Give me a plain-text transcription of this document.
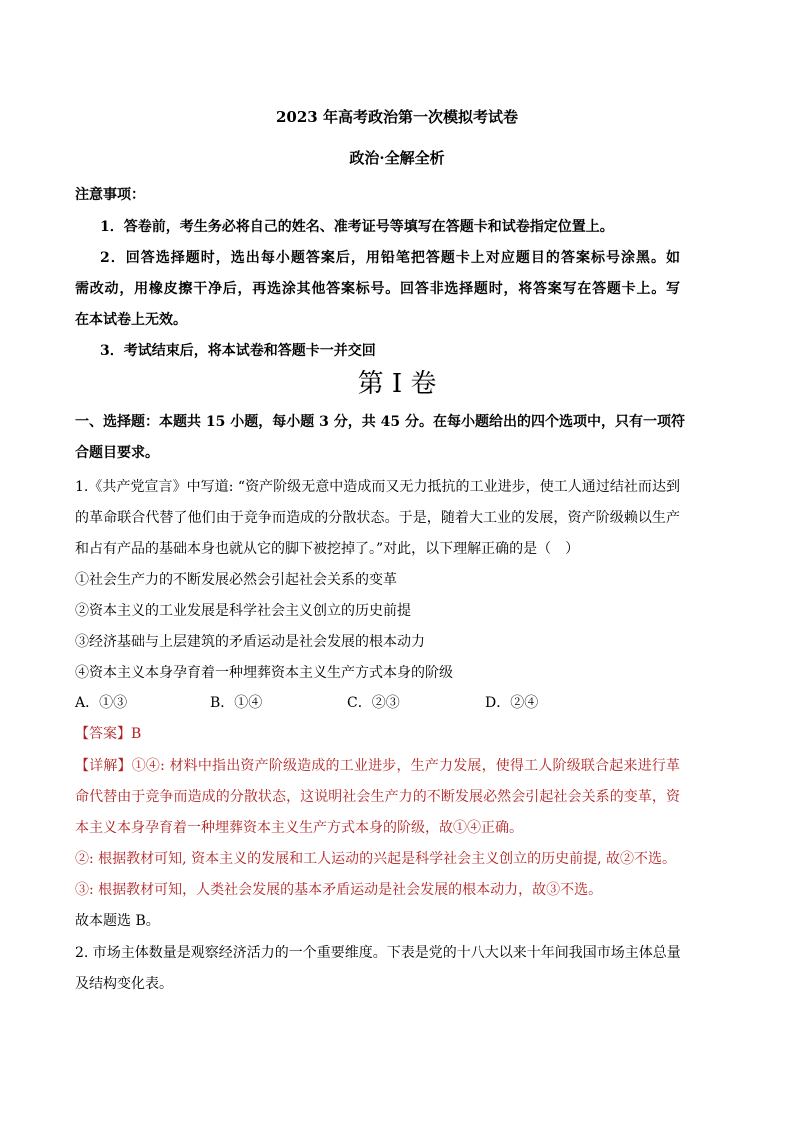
2023 年高考政治第一次模拟考试卷
政治·全解全析
注意事项：
1．答卷前，考生务必将自己的姓名、准考证号等填写在答题卡和试卷指定位置上。
2．回答选择题时，选出每小题答案后，用铅笔把答题卡上对应题目的答案标号涂黑。如
需改动，用橡皮擦干净后，再选涂其他答案标号。回答非选择题时，将答案写在答题卡上。写
在本试卷上无效。
3．考试结束后，将本试卷和答题卡一并交回
第 I 卷
一、选择题：本题共 15 小题，每小题 3 分，共 45 分。在每小题给出的四个选项中，只有一项符
合题目要求。
1.《共产党宣言》中写道: “资产阶级无意中造成而又无力抵抗的工业进步，使工人通过结社而达到
的革命联合代替了他们由于竞争而造成的分散状态。于是，随着大工业的发展，资产阶级赖以生产
和占有产品的基础本身也就从它的脚下被挖掉了。”对此，以下理解正确的是（　）
①社会生产力的不断发展必然会引起社会关系的变革
②资本主义的工业发展是科学社会主义创立的历史前提
③经济基础与上层建筑的矛盾运动是社会发展的根本动力
④资本主义本身孕育着一种埋葬资本主义生产方式本身的阶级
A．①③	B．①④	C．②③	D．②④
【答案】B
【详解】①④: 材料中指出资产阶级造成的工业进步，生产力发展，使得工人阶级联合起来进行革
命代替由于竞争而造成的分散状态，这说明社会生产力的不断发展必然会引起社会关系的变革，资
本主义本身孕育着一种埋葬资本主义生产方式本身的阶级，故①④正确。
②: 根据教材可知, 资本主义的发展和工人运动的兴起是科学社会主义创立的历史前提, 故②不选。
③: 根据教材可知，人类社会发展的基本矛盾运动是社会发展的根本动力，故③不选。
故本题选 B。
2. 市场主体数量是观察经济活力的一个重要维度。下表是党的十八大以来十年间我国市场主体总量
及结构变化表。
